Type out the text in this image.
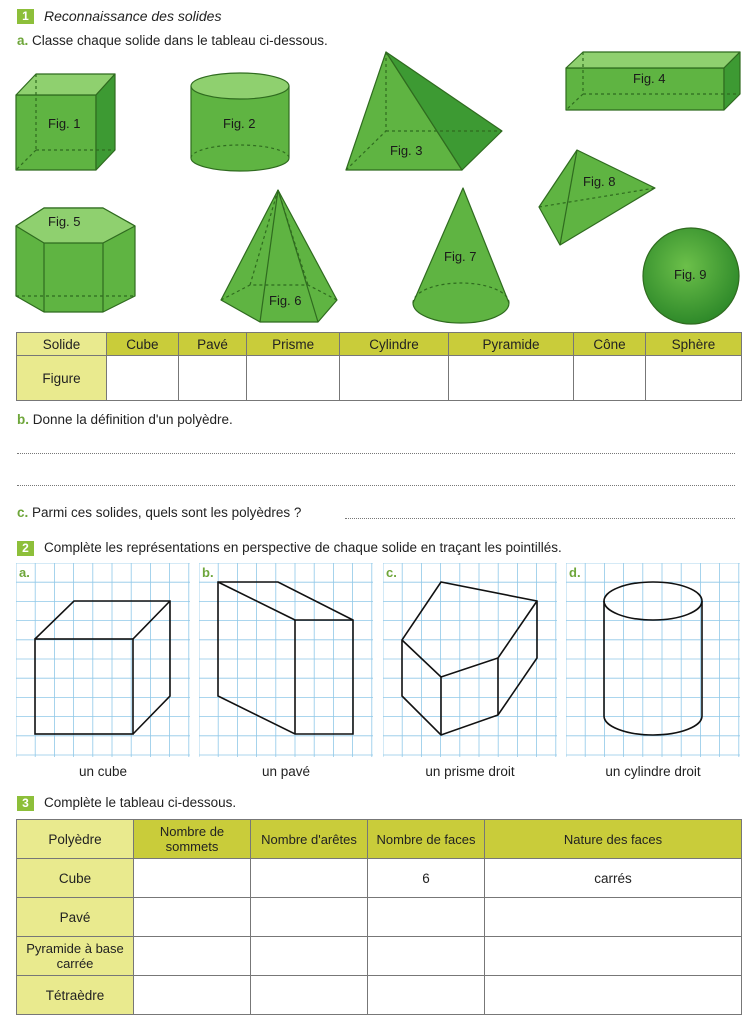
1	Reconnaissance des solides
a. Classe chaque solide dans le tableau ci-dessous.
Fig. 1	Fig. 2
Fig. 3
Fig. 4
Fig. 5
Fig. 6
Fig. 7
Fig. 8
Fig. 9
Solide	Cube	Pavé	Prisme	Cylindre	Pyramide	Cône	Sphère
Figure							
b. Donne la définition d'un polyèdre.
c. Parmi ces solides, quels sont les polyèdres ?
2	Complète les représentations en perspective de chaque solide en traçant les pointillés.
a.	b.	c.	d.
un cube	un pavé	un prisme droit	un cylindre droit
3	Complète le tableau ci-dessous.
Polyèdre	Nombre de sommets	Nombre d'arêtes	Nombre de faces	Nature des faces
Cube			6	carrés
Pavé				
Pyramide à base carrée				
Tétraèdre				
